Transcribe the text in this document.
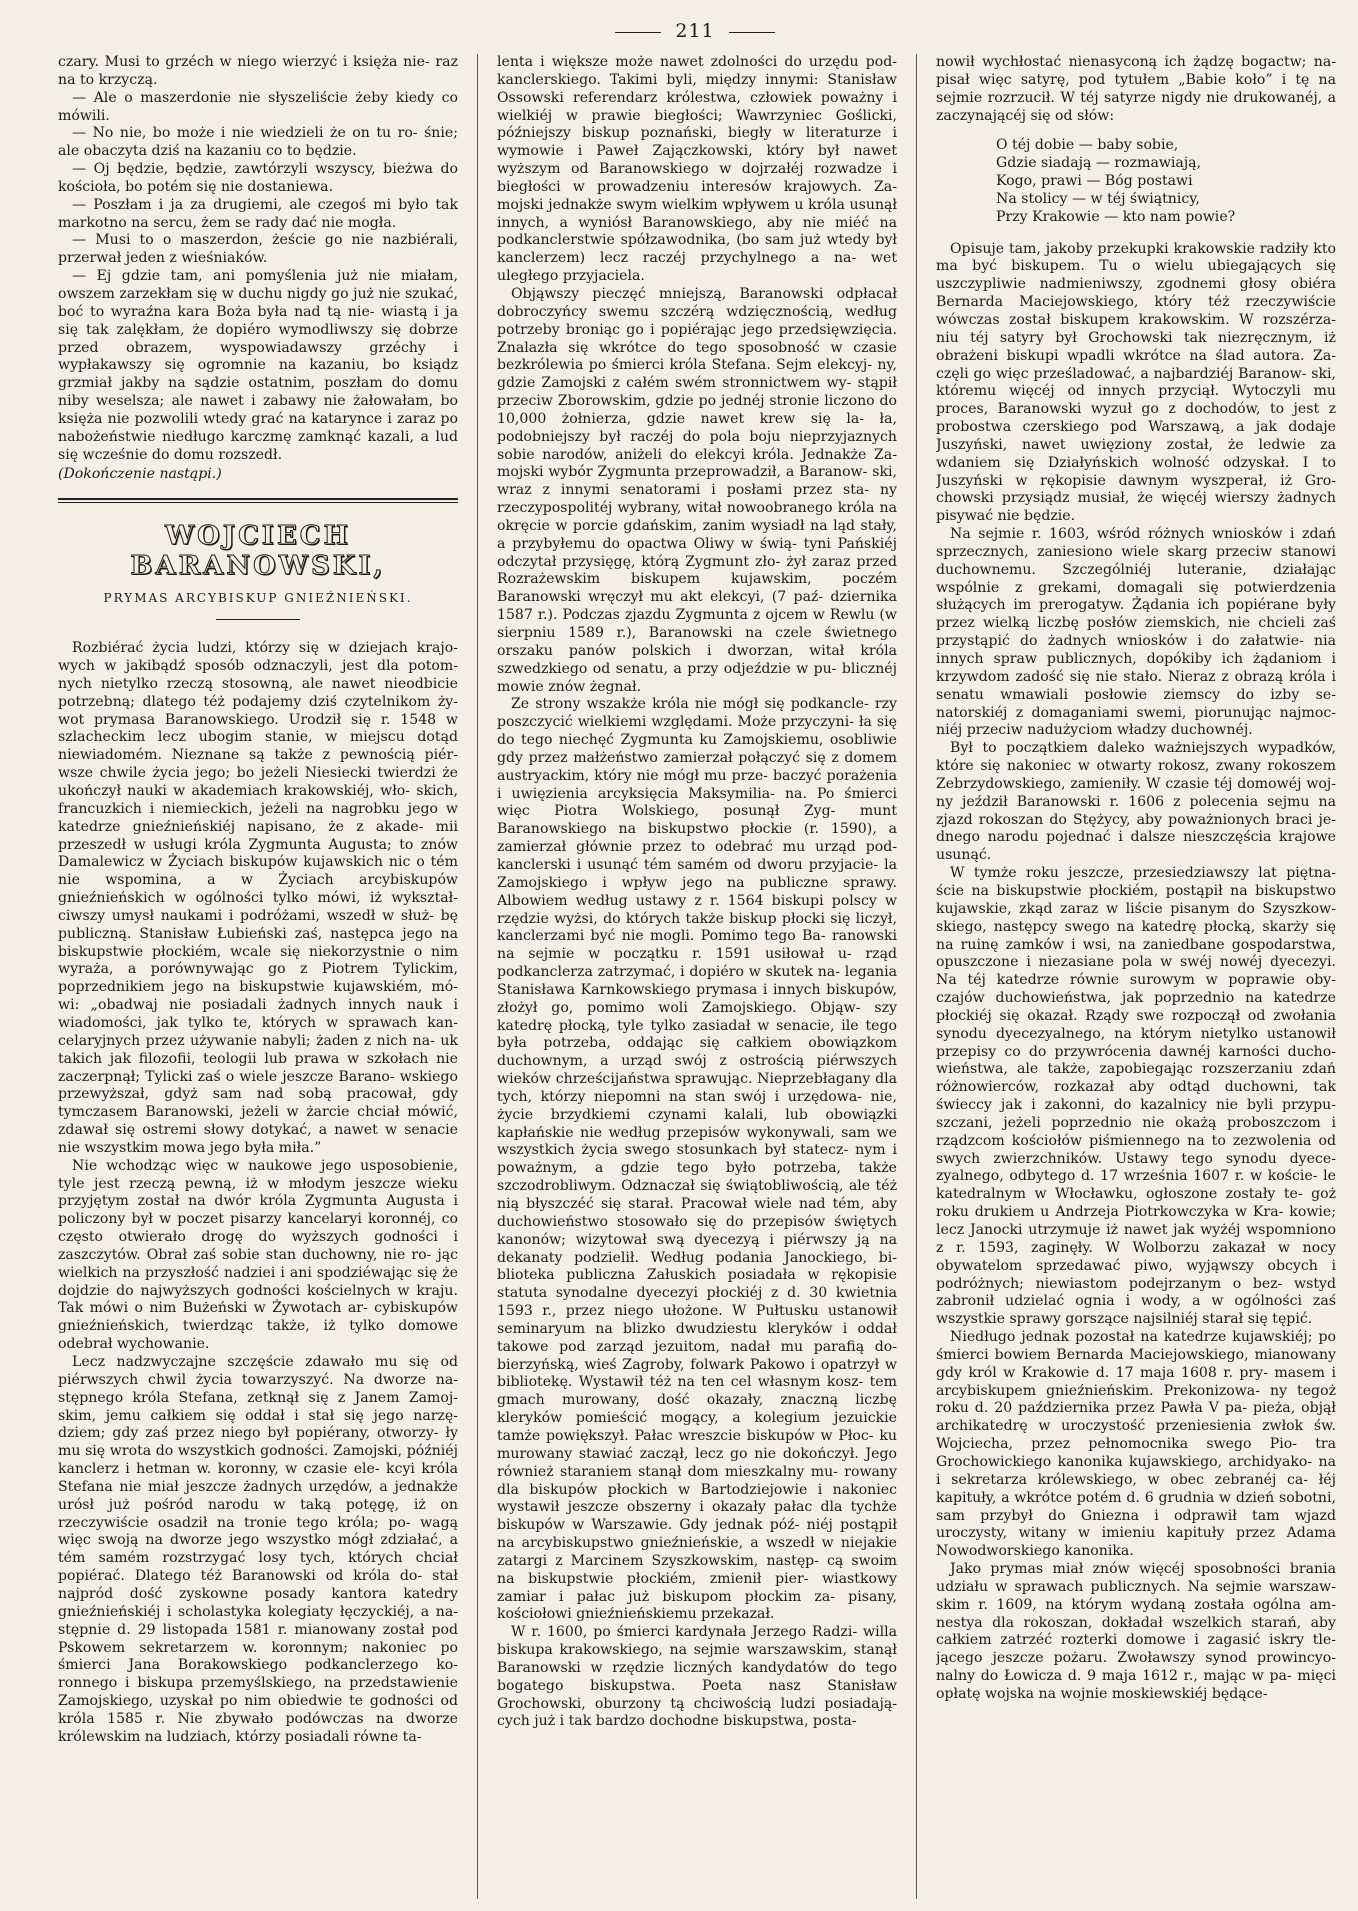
211

czary. Musi to grzéch w niego wierzyć i księża nie- raz na to krzyczą.

— Ale o maszerdonie nie słyszeliście żeby kiedy co mówili.

— No nie, bo może i nie wiedzieli że on tu ro- śnie; ale obaczyta dziś na kazaniu co to będzie.

— Oj będzie, będzie, zawtórzyli wszyscy, bieżwa do kościoła, bo potém się nie dostaniewa.

— Poszłam i ja za drugiemi, ale czegoś mi było tak markotno na sercu, żem se rady dać nie mogła.

— Musi to o maszerdon, żeście go nie nazbiérali, przerwał jeden z wieśniaków.

— Ej gdzie tam, ani pomyślenia już nie miałam, owszem zarzekłam się w duchu nigdy go już nie szukać, boć to wyraźna kara Boża była nad tą nie- wiastą i ja się tak zalękłam, że dopiéro wymodliwszy się dobrze przed obrazem, wyspowiadawszy grzéchy i wypłakawszy się ogromnie na kazaniu, bo ksiądz grzmiał jakby na sądzie ostatnim, poszłam do domu niby weselsza; ale nawet i zabawy nie żałowałam, bo księża nie pozwolili wtedy grać na katarynce i zaraz po nabożeństwie niedługo karczmę zamknąć kazali, a lud się wcześnie do domu rozszedł.

(Dokończenie nastąpi.)

WOJCIECH BARANOWSKI,
PRYMAS ARCYBISKUP GNIEŹNIEŃSKI.

Rozbiérać życia ludzi, którzy się w dziejach krajo- wych w jakibądź sposób odznaczyli, jest dla potom- nych nietylko rzeczą stosowną, ale nawet nieodbicie potrzebną; dlatego téż podajemy dziś czytelnikom ży- wot prymasa Baranowskiego. Urodził się r. 1548 w szlacheckim lecz ubogim stanie, w miejscu dotąd niewiadomém. Nieznane są także z pewnością piér- wsze chwile życia jego; bo jeżeli Niesiecki twierdzi że ukończył nauki w akademiach krakowskiéj, wło- skich, francuzkich i niemieckich, jeżeli na nagrobku jego w katedrze gnieźnieńskiéj napisano, że z akade- mii przeszedł w usługi króla Zygmunta Augusta; to znów Damalewicz w Życiach biskupów kujawskich nic o tém nie wspomina, a w Życiach arcybiskupów gnieźnieńskich w ogólności tylko mówi, iż wykształ- ciwszy umysł naukami i podróżami, wszedł w służ- bę publiczną. Stanisław Łubieński zaś, następca jego na biskupstwie płockiém, wcale się niekorzystnie o nim wyraża, a porównywając go z Piotrem Tylickim, poprzednikiem jego na biskupstwie kujawskiém, mó- wi: „obadwaj nie posiadali żadnych innych nauk i wiadomości, jak tylko te, których w sprawach kan- celaryjnych przez używanie nabyli; żaden z nich na- uk takich jak filozofii, teologii lub prawa w szkołach nie zaczerpnął; Tylicki zaś o wiele jeszcze Barano- wskiego przewyższał, gdyż sam nad sobą pracował, gdy tymczasem Baranowski, jeżeli w żarcie chciał mówić, zdawał się ostremi słowy dotykać, a nawet w senacie nie wszystkim mowa jego była miła.”

Nie wchodząc więc w naukowe jego usposobienie, tyle jest rzeczą pewną, iż w młodym jeszcze wieku przyjętym został na dwór króla Zygmunta Augusta i policzony był w poczet pisarzy kancelaryi koronnéj, co często otwierało drogę do wyższych godności i zaszczytów. Obrał zaś sobie stan duchowny, nie ro- jąc wielkich na przyszłość nadziei i ani spodziéwając się że dojdzie do najwyższych godności kościelnych w kraju. Tak mówi o nim Bużeński w Żywotach ar- cybiskupów gnieźnieńskich, twierdząc także, iż tylko domowe odebrał wychowanie.

Lecz nadzwyczajne szczęście zdawało mu się od piérwszych chwil życia towarzyszyć. Na dworze na- stępnego króla Stefana, zetknął się z Janem Zamoj- skim, jemu całkiem się oddał i stał się jego narzę- dziem; gdy zaś przez niego był popiérany, otworzy- ły mu się wrota do wszystkich godności. Zamojski, późniéj kanclerz i hetman w. koronny, w czasie ele- kcyi króla Stefana nie miał jeszcze żadnych urzędów, a jednakże urósł już pośród narodu w taką potęgę, iż on rzeczywiście osadził na tronie tego króla; po- wagą więc swoją na dworze jego wszystko mógł zdziałać, a tém samém rozstrzygać losy tych, których chciał popiérać. Dlatego téż Baranowski od króla do- stał najpród dość zyskowne posady kantora katedry gnieźnieńskiéj i scholastyka kolegiaty łęczyckiéj, a na- stępnie d. 29 listopada 1581 r. mianowany został pod Pskowem sekretarzem w. koronnym; nakoniec po śmierci Jana Borakowskiego podkanclerzego ko- ronnego i biskupa przemyślskiego, na przedstawienie Zamojskiego, uzyskał po nim obiedwie te godności od króla 1585 r. Nie zbywało podówczas na dworze królewskim na ludziach, którzy posiadali równe ta-

lenta i większe może nawet zdolności do urzędu pod- kanclerskiego. Takimi byli, między innymi: Stanisław Ossowski referendarz królestwa, człowiek poważny i wielkiéj w prawie biegłości; Wawrzyniec Goślicki, późniejszy biskup poznański, biegły w literaturze i wymowie i Paweł Zajączkowski, który był nawet wyższym od Baranowskiego w dojrzałéj rozwadze i biegłości w prowadzeniu interesów krajowych. Za- mojski jednakże swym wielkim wpływem u króla usunął innych, a wyniósł Baranowskiego, aby nie miéć na podkanclerstwie spółzawodnika, (bo sam już wtedy był kanclerzem) lecz raczéj przychylnego a na- wet uległego przyjaciela.

Objąwszy pieczęć mniejszą, Baranowski odpłacał dobroczyńcy swemu szczérą wdzięcznością, według potrzeby broniąc go i popiérając jego przedsięwzięcia. Znalazła się wkrótce do tego sposobność w czasie bezkrólewia po śmierci króla Stefana. Sejm elekcyj- ny, gdzie Zamojski z całém swém stronnictwem wy- stąpił przeciw Zborowskim, gdzie po jednéj stronie liczono do 10,000 żołnierza, gdzie nawet krew się la- ła, podobniejszy był raczéj do pola boju nieprzyjaznych sobie narodów, aniżeli do elekcyi króla. Jednakże Za- mojski wybór Zygmunta przeprowadził, a Baranow- ski, wraz z innymi senatorami i posłami przez sta- ny rzeczypospolitéj wybrany, witał nowoobranego króla na okręcie w porcie gdańskim, zanim wysiadł na ląd stały, a przybyłemu do opactwa Oliwy w świą- tyni Pańskiéj odczytał przysięgę, którą Zygmunt zło- żył zaraz przed Rozrażewskim biskupem kujawskim, poczém Baranowski wręczył mu akt elekcyi, (7 paź- dziernika 1587 r.). Podczas zjazdu Zygmunta z ojcem w Rewlu (w sierpniu 1589 r.), Baranowski na czele świetnego orszaku panów polskich i dworzan, witał króla szwedzkiego od senatu, a przy odjeździe w pu- blicznéj mowie znów żegnał.

Ze strony wszakże króla nie mógł się podkancle- rzy poszczycić wielkiemi względami. Może przyczyni- ła się do tego niechęć Zygmunta ku Zamojskiemu, osobliwie gdy przez małżeństwo zamierzał połączyć się z domem austryackim, który nie mógł mu prze- baczyć porażenia i uwięzienia arcyksięcia Maksymilia- na. Po śmierci więc Piotra Wolskiego, posunął Zyg- munt Baranowskiego na biskupstwo płockie (r. 1590), a zamierzał głównie przez to odebrać mu urząd pod- kanclerski i usunąć tém samém od dworu przyjacie- la Zamojskiego i wpływ jego na publiczne sprawy. Albowiem według ustawy z r. 1564 biskupi polscy w rzędzie wyżsi, do których także biskup płocki się liczył, kanclerzami być nie mogli. Pomimo tego Ba- ranowski na sejmie w początku r. 1591 usiłował u- rząd podkanclerza zatrzymać, i dopiéro w skutek na- legania Stanisława Karnkowskiego prymasa i innych biskupów, złożył go, pomimo woli Zamojskiego. Objąw- szy katedrę płocką, tyle tylko zasiadał w senacie, ile tego była potrzeba, oddając się całkiem obowiązkom duchownym, a urząd swój z ostrością piérwszych wieków chrześcijaństwa sprawując. Nieprzebłagany dla tych, którzy niepomni na stan swój i urzędowa- nie, życie brzydkiemi czynami kalali, lub obowiązki kapłańskie nie według przepisów wykonywali, sam we wszystkich życia swego stosunkach był statecz- nym i poważnym, a gdzie tego było potrzeba, także szczodrobliwym. Odznaczał się świątobliwością, ale téż nią błyszczéć się starał. Pracował wiele nad tém, aby duchowieństwo stosowało się do przepisów świętych kanonów; wizytował swą dyecezyą i piérwszy ją na dekanaty podzielił. Według podania Janockiego, bi- blioteka publiczna Załuskich posiadała w rękopisie statuta synodalne dyecezyi płockiéj z d. 30 kwietnia 1593 r., przez niego ułożone. W Pułtusku ustanowił seminaryum na blizko dwudziestu kleryków i oddał takowe pod zarząd jezuitom, nadał mu parafią do- bierzyńską, wieś Zagroby, folwark Pakowo i opatrzył w bibliotekę. Wystawił téż na ten cel własnym kosz- tem gmach murowany, dość okazały, znaczną liczbę kleryków pomieścić mogący, a kolegium jezuickie tamże powiększył. Pałac wreszcie biskupów w Płoc- ku murowany stawiać zaczął, lecz go nie dokończył. Jego również staraniem stanął dom mieszkalny mu- rowany dla biskupów płockich w Bartodziejowie i nakoniec wystawił jeszcze obszerny i okazały pałac dla tychże biskupów w Warszawie. Gdy jednak póź- niéj postąpił na arcybiskupstwo gnieźnieńskie, a wszedł w niejakie zatargi z Marcinem Szyszkowskim, następ- cą swoim na biskupstwie płockiém, zmienił pier- wiastkowy zamiar i pałac już biskupom płockim za- pisany, kościołowi gnieźnieńskiemu przekazał.

W r. 1600, po śmierci kardynała Jerzego Radzi- willa biskupa krakowskiego, na sejmie warszawskim, stanął Baranowski w rzędzie liczných kandydatów do tego bogatego biskupstwa. Poeta nasz Stanisław Grochowski, oburzony tą chciwością ludzi posiadają- cych już i tak bardzo dochodne biskupstwa, posta-

nowił wychłostać nienasyconą ich żądzę bogactw; na- pisał więc satyrę, pod tytułem „Babie koło” i tę na sejmie rozrzucił. W téj satyrze nigdy nie drukowanéj, a zaczynającéj się od słów:

O téj dobie — baby sobie,
Gdzie siadają — rozmawiają,
Kogo, prawi — Bóg postawi
Na stolicy — w téj świątnicy,
Przy Krakowie — kto nam powie?

Opisuje tam, jakoby przekupki krakowskie radziły kto ma być biskupem. Tu o wielu ubiegających się uszczypliwie nadmieniwszy, zgodnemi głosy obiéra Bernarda Maciejowskiego, który téż rzeczywiście wówczas został biskupem krakowskim. W rozszérza- niu téj satyry był Grochowski tak niezręcznym, iż obrażeni biskupi wpadli wkrótce na ślad autora. Za- częli go więc prześladować, a najbardziéj Baranow- ski, któremu więcéj od innych przyciął. Wytoczyli mu proces, Baranowski wyzuł go z dochodów, to jest z probostwa czerskiego pod Warszawą, a jak dodaje Juszyński, nawet uwięziony został, że ledwie za wdaniem się Działyńskich wolność odzyskał. I to Juszyński w rękopisie dawnym wyszperał, iż Gro- chowski przysiądz musiał, że więcéj wierszy żadnych pisywać nie będzie.

Na sejmie r. 1603, wśród różnych wniosków i zdań sprzecznych, zaniesiono wiele skarg przeciw stanowi duchownemu. Szczególniéj luteranie, działając wspólnie z grekami, domagali się potwierdzenia służących im prerogatyw. Żądania ich popiérane były przez wielką liczbę posłów ziemskich, nie chcieli zaś przystąpić do żadnych wniosków i do załatwie- nia innych spraw publicznych, dopókiby ich żądaniom i krzywdom zadość się nie stało. Nieraz z obrazą króla i senatu wmawiali posłowie ziemscy do izby se- natorskiéj z domaganiami swemi, piorunując najmoc- niéj przeciw nadużyciom władzy duchownéj.

Był to początkiem daleko ważniejszych wypadków, które się nakoniec w otwarty rokosz, zwany rokoszem Zebrzydowskiego, zamieniły. W czasie téj domowéj woj- ny jeździł Baranowski r. 1606 z polecenia sejmu na zjazd rokoszan do Stężycy, aby poważnionych braci je- dnego narodu pojednać i dalsze nieszczęścia krajowe usunąć.

W tymże roku jeszcze, przesiedziawszy lat piętna- ście na biskupstwie płockiém, postąpił na biskupstwo kujawskie, zkąd zaraz w liście pisanym do Szyszkow- skiego, następcy swego na katedrę płocką, skarży się na ruinę zamków i wsi, na zaniedbane gospodarstwa, opuszczone i niezasiane pola w swéj nowéj dyecezyi. Na téj katedrze równie surowym w poprawie oby- czajów duchowieństwa, jak poprzednio na katedrze płockiéj się okazał. Rządy swe rozpoczął od zwołania synodu dyecezyalnego, na którym nietylko ustanowił przepisy co do przywrócenia dawnéj karności ducho- wieństwa, ale także, zapobiegając rozszerzaniu zdań różnowierców, rozkazał aby odtąd duchowni, tak świeccy jak i zakonni, do kazalnicy nie byli przypu- szczani, jeżeli poprzednio nie okażą proboszczom i rządzcom kościołów piśmiennego na to zezwolenia od swych zwierzchników. Ustawy tego synodu dyece- zyalnego, odbytego d. 17 września 1607 r. w koście- le katedralnym w Włocławku, ogłoszone zostały te- goż roku drukiem u Andrzeja Piotrkowczyka w Kra- kowie; lecz Janocki utrzymuje iż nawet jak wyżéj wspomniono z r. 1593, zaginęły. W Wolborzu zakazał w nocy obywatelom sprzedawać piwo, wyjąwszy obcych i podróżnych; niewiastom podejrzanym o bez- wstyd zabronił udzielać ognia i wody, a w ogólności zaś wszystkie sprawy gorszące najsilniéj starał się tępić.

Niedługo jednak pozostał na katedrze kujawskiéj; po śmierci bowiem Bernarda Maciejowskiego, mianowany gdy król w Krakowie d. 17 maja 1608 r. pry- masem i arcybiskupem gnieźnieńskim. Prekonizowa- ny tegoż roku d. 20 października przez Pawła V pa- pieża, objął archikatedrę w uroczystość przeniesienia zwłok św. Wojciecha, przez pełnomocnika swego Pio- tra Grochowickiego kanonika kujawskiego, archidyako- na i sekretarza królewskiego, w obec zebranéj ca- łéj kapituły, a wkrótce potém d. 6 grudnia w dzień sobotni, sam przybył do Gniezna i odprawił tam wjazd uroczysty, witany w imieniu kapituły przez Adama Nowodworskiego kanonika.

Jako prymas miał znów więcéj sposobności brania udziału w sprawach publicznych. Na sejmie warszaw- skim r. 1609, na którym wydaną została ogólna am- nestya dla rokoszan, dokładał wszelkich starań, aby całkiem zatrzéć rozterki domowe i zagasić iskry tle- jącego jeszcze pożaru. Zwoławszy synod prowincyo- nalny do Łowicza d. 9 maja 1612 r., mając w pa- mięci opłatę wojska na wojnie moskiewskiéj będące-
